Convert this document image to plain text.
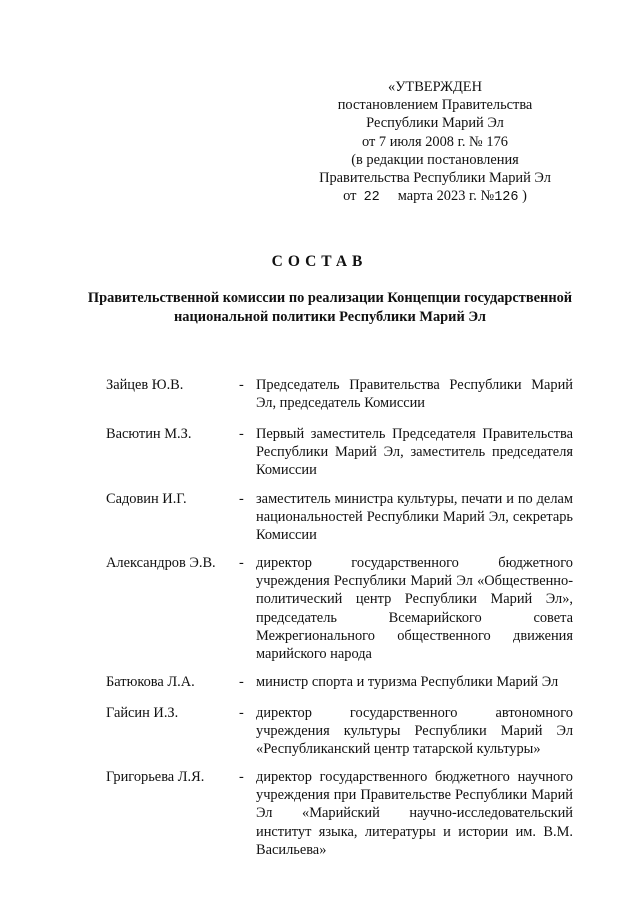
«УТВЕРЖДЕН
постановлением Правительства
Республики Марий Эл
от 7 июля 2008 г. № 176
(в редакции постановления
Правительства Республики Марий Эл
от 22 марта 2023 г. №126 )
СОСТАВ
Правительственной комиссии по реализации Концепции государственной национальной политики Республики Марий Эл
Зайцев Ю.В.	- Председатель Правительства Республики Марий Эл, председатель Комиссии
Васютин М.З.	- Первый заместитель Председателя Правительства Республики Марий Эл, заместитель председателя Комиссии
Садовин И.Г.	- заместитель министра культуры, печати и по делам национальностей Республики Марий Эл, секретарь Комиссии
Александров Э.В. - директор государственного бюджетного учреждения Республики Марий Эл «Общественно-политический центр Республики Марий Эл», председатель Всемарийского совета Межрегионального общественного движения марийского народа
Батюкова Л.А.	- министр спорта и туризма Республики Марий Эл
Гайсин И.З.	- директор государственного автономного учреждения культуры Республики Марий Эл «Республиканский центр татарской культуры»
Григорьева Л.Я. - директор государственного бюджетного научного учреждения при Правительстве Республики Марий Эл «Марийский научно-исследовательский институт языка, литературы и истории им. В.М. Васильева»
